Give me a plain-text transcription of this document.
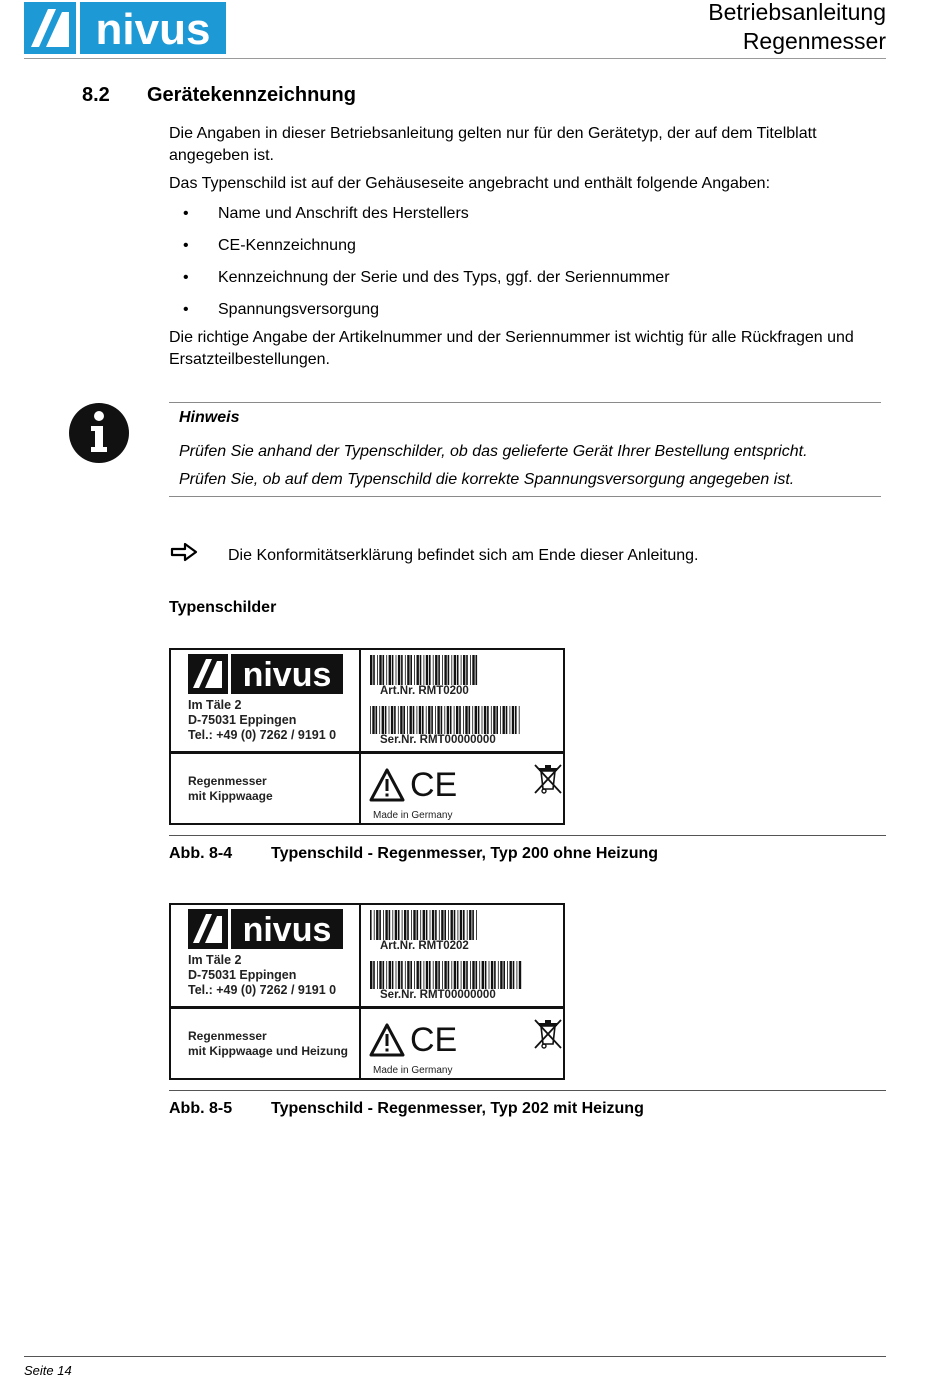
nivus ®	Betriebsanleitung
Regenmesser
8.2 Gerätekennzeichnung
Die Angaben in dieser Betriebsanleitung gelten nur für den Gerätetyp, der auf dem Titelblatt angegeben ist.
Das Typenschild ist auf der Gehäuseseite angebracht und enthält folgende Angaben:
• Name und Anschrift des Herstellers
• CE-Kennzeichnung
• Kennzeichnung der Serie und des Typs, ggf. der Seriennummer
• Spannungsversorgung
Die richtige Angabe der Artikelnummer und der Seriennummer ist wichtig für alle Rückfragen und Ersatzteilbestellungen.
Hinweis
Prüfen Sie anhand der Typenschilder, ob das gelieferte Gerät Ihrer Bestellung entspricht.
Prüfen Sie, ob auf dem Typenschild die korrekte Spannungsversorgung angegeben ist.
Die Konformitätserklärung befindet sich am Ende dieser Anleitung.
Typenschilder
nivus
Im Täle 2
D-75031 Eppingen
Tel.: +49 (0) 7262 / 9191 0
Art.Nr. RMT0200
Ser.Nr. RMT00000000
Regenmesser
mit Kippwaage	CE
Made in Germany
Abb. 8-4 Typenschild - Regenmesser, Typ 200 ohne Heizung
nivus
Im Täle 2
D-75031 Eppingen
Tel.: +49 (0) 7262 / 9191 0
Art.Nr. RMT0202
Ser.Nr. RMT00000000
Regenmesser
mit Kippwaage und Heizung CE
Made in Germany
Abb. 8-5 Typenschild - Regenmesser, Typ 202 mit Heizung
Seite 14
